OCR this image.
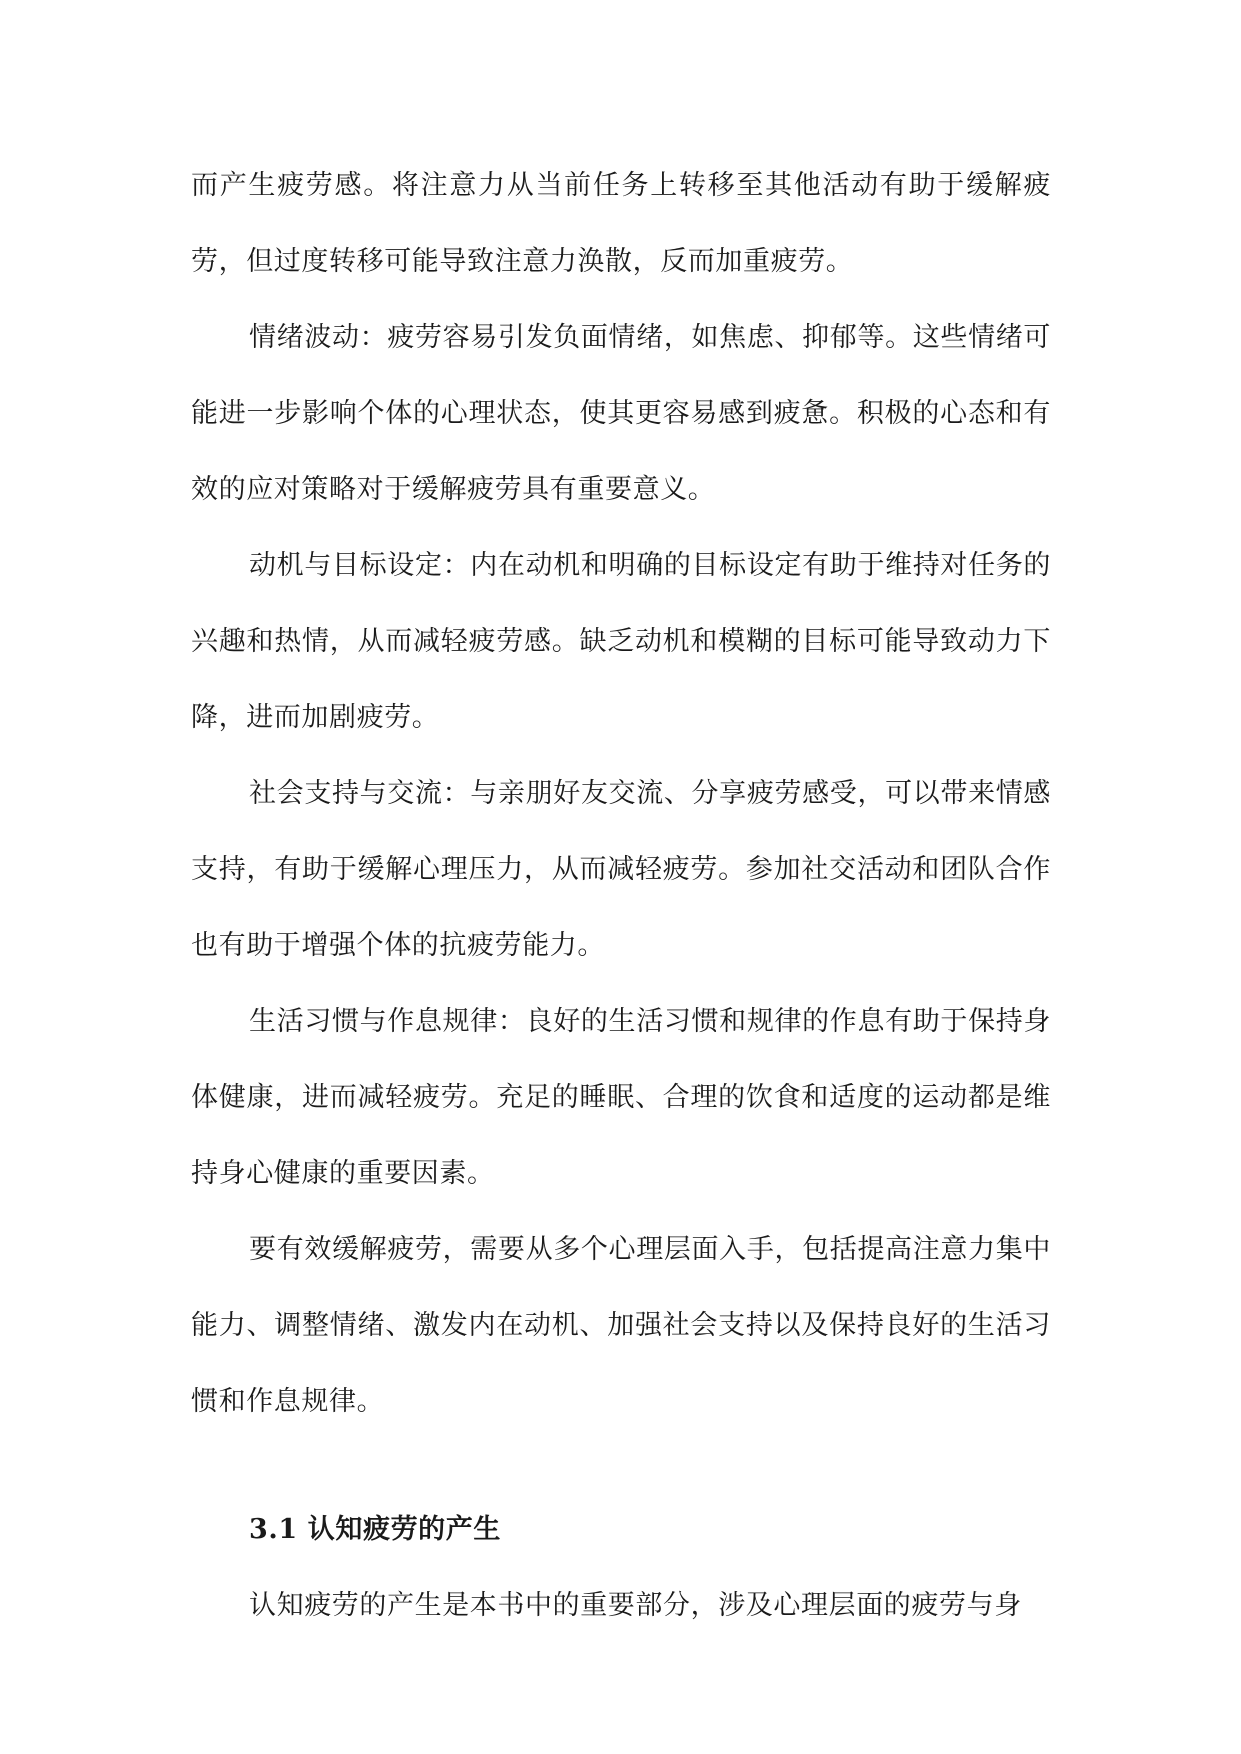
而产生疲劳感。将注意力从当前任务上转移至其他活动有助于缓解疲劳，但过度转移可能导致注意力涣散，反而加重疲劳。

情绪波动：疲劳容易引发负面情绪，如焦虑、抑郁等。这些情绪可能进一步影响个体的心理状态，使其更容易感到疲惫。积极的心态和有效的应对策略对于缓解疲劳具有重要意义。

动机与目标设定：内在动机和明确的目标设定有助于维持对任务的兴趣和热情，从而减轻疲劳感。缺乏动机和模糊的目标可能导致动力下降，进而加剧疲劳。

社会支持与交流：与亲朋好友交流、分享疲劳感受，可以带来情感支持，有助于缓解心理压力，从而减轻疲劳。参加社交活动和团队合作也有助于增强个体的抗疲劳能力。

生活习惯与作息规律：良好的生活习惯和规律的作息有助于保持身体健康，进而减轻疲劳。充足的睡眠、合理的饮食和适度的运动都是维持身心健康的重要因素。

要有效缓解疲劳，需要从多个心理层面入手，包括提高注意力集中能力、调整情绪、激发内在动机、加强社会支持以及保持良好的生活习惯和作息规律。

3.1 认知疲劳的产生

认知疲劳的产生是本书中的重要部分，涉及心理层面的疲劳与身
